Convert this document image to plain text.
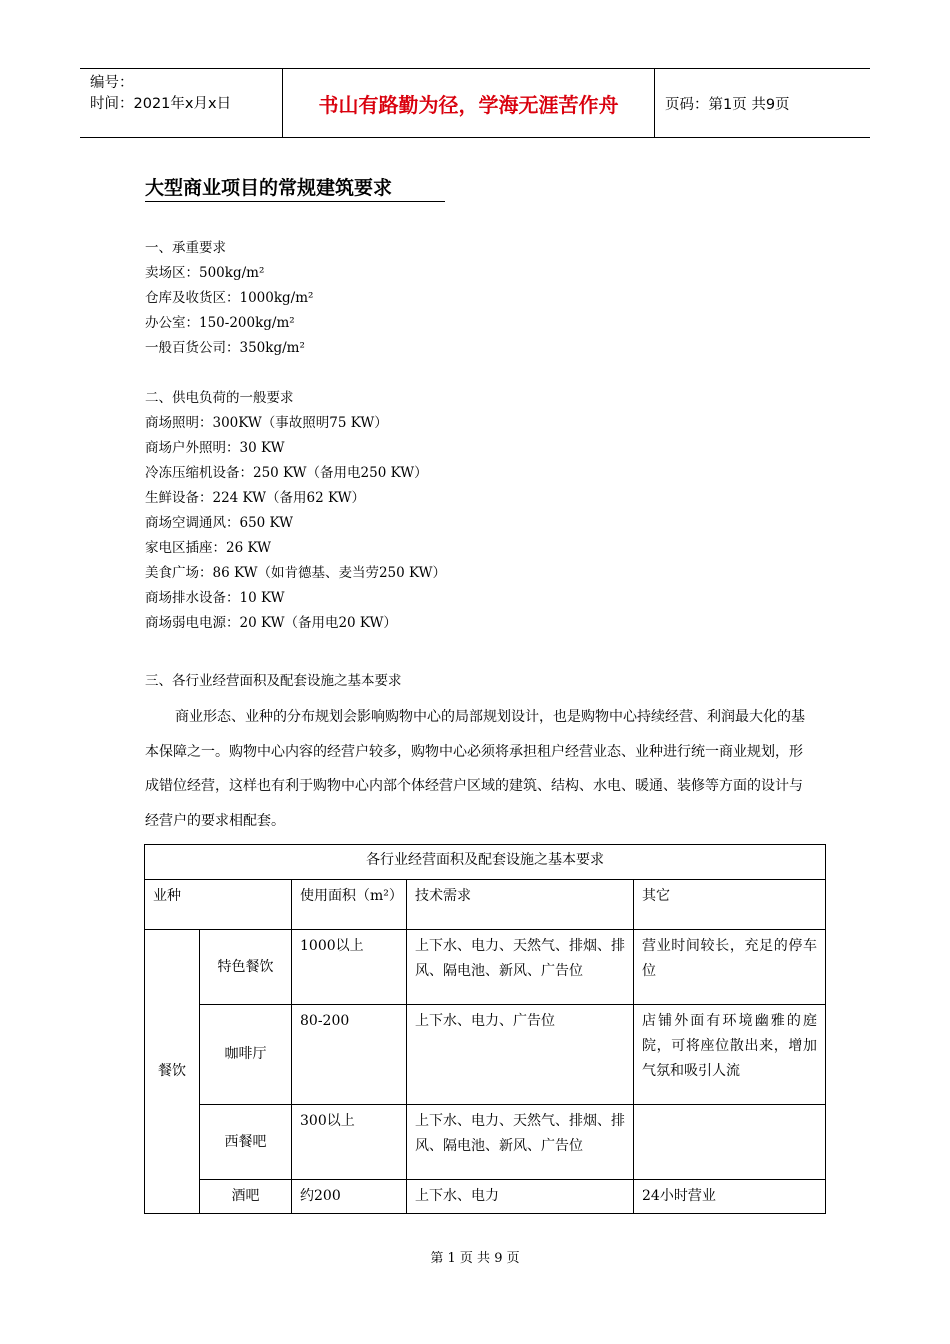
编号：
时间：2021年x月x日	书山有路勤为径，学海无涯苦作舟	页码：第1页 共9页
大型商业项目的常规建筑要求
一、承重要求
卖场区：500kg/m²
仓库及收货区：1000kg/m²
办公室：150-200kg/m²
一般百货公司：350kg/m²
二、供电负荷的一般要求
商场照明：300KW（事故照明75 KW）
商场户外照明：30 KW
冷冻压缩机设备：250 KW（备用电250 KW）
生鲜设备：224 KW（备用62 KW）
商场空调通风：650 KW
家电区插座：26 KW
美食广场：86 KW（如肯德基、麦当劳250 KW）
商场排水设备：10 KW
商场弱电电源：20 KW（备用电20 KW）
三、各行业经营面积及配套设施之基本要求
商业形态、业种的分布规划会影响购物中心的局部规划设计，也是购物中心持续经营、利润最大化的基本保障之一。购物中心内容的经营户较多，购物中心必须将承担租户经营业态、业种进行统一商业规划，形成错位经营，这样也有利于购物中心内部个体经营户区域的建筑、结构、水电、暖通、装修等方面的设计与经营户的要求相配套。
各行业经营面积及配套设施之基本要求				
业种		使用面积（m²）	技术需求	其它
餐饮	特色餐饮	1000以上	上下水、电力、天然气、排烟、排风、隔电池、新风、广告位	营业时间较长，充足的停车位
	咖啡厅	80-200	上下水、电力、广告位	店铺外面有环境幽雅的庭院，可将座位散出来，增加气氛和吸引人流
	西餐吧	300以上	上下水、电力、天然气、排烟、排风、隔电池、新风、广告位	
	酒吧	约200	上下水、电力	24小时营业
第 1 页 共 9 页
